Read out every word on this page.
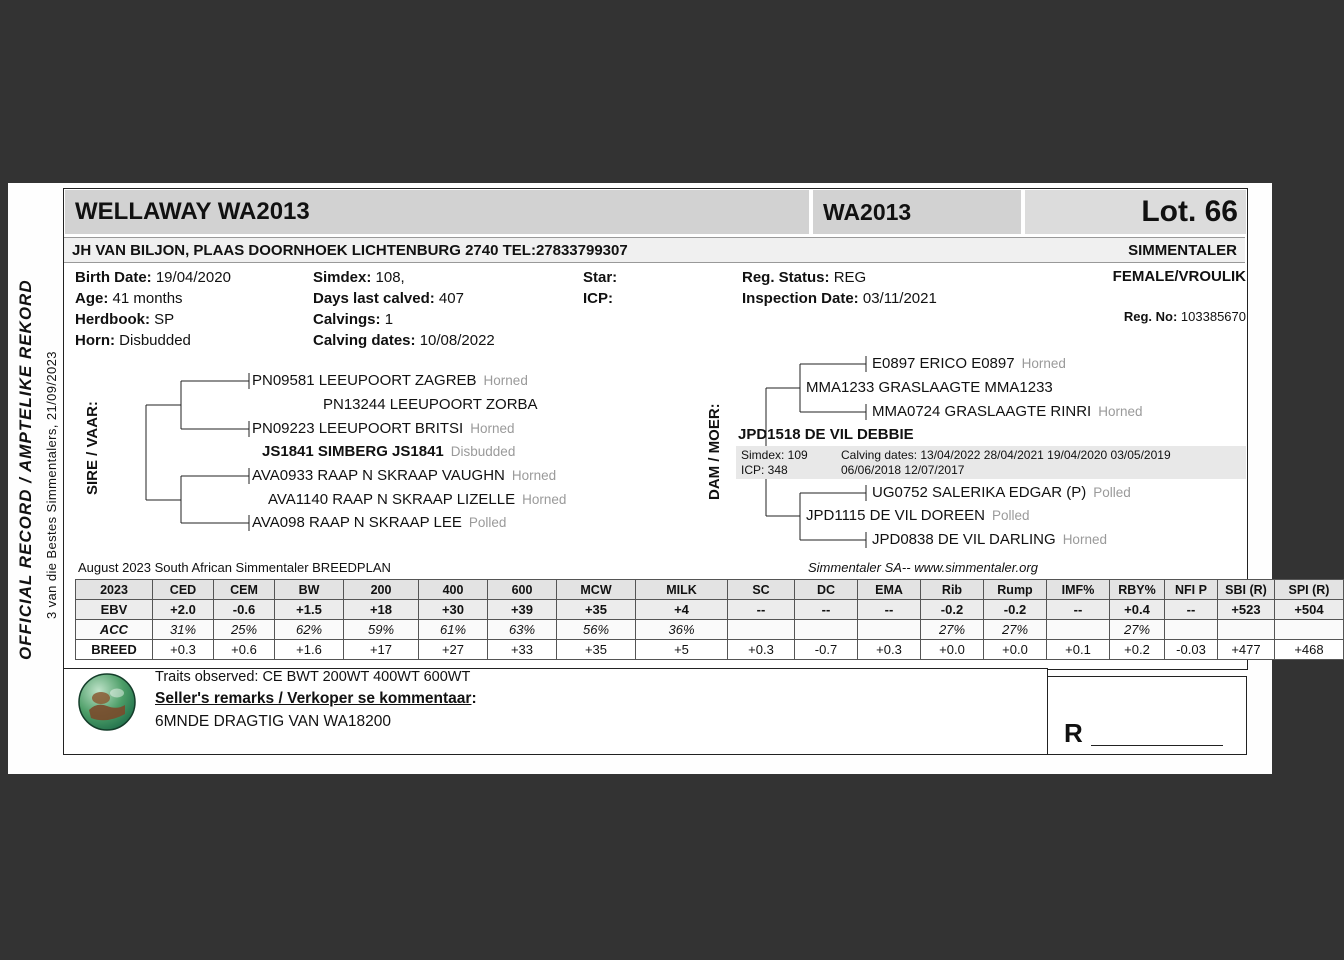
OFFICIAL RECORD / AMPTELIKE REKORD 3 van die Bestes Simmentalers, 21/09/2023
WELLAWAY WA2013	WA2013	Lot. 66
JH VAN BILJON, PLAAS DOORNHOEK LICHTENBURG 2740 TEL:27833799307	SIMMENTALER
Birth Date: 19/04/2020
Age: 41 months
Herdbook: SP
Horn: Disbudded
Simdex: 108,
Days last calved: 407
Calvings: 1
Calving dates: 10/08/2022
Star:
ICP:
Reg. Status: REG
Inspection Date: 03/11/2021
FEMALE/VROULIK
Reg. No: 103385670
SIRE / VAAR:	DAM / MOER:
PN09581 LEEUPOORT ZAGREB Horned
PN13244 LEEUPOORT ZORBA
PN09223 LEEUPOORT BRITSI Horned
JS1841 SIMBERG JS1841 Disbudded
AVA0933 RAAP N SKRAAP VAUGHN Horned
AVA1140 RAAP N SKRAAP LIZELLE Horned
AVA098 RAAP N SKRAAP LEE Polled
E0897 ERICO E0897 Horned
MMA1233 GRASLAAGTE MMA1233
MMA0724 GRASLAAGTE RINRI Horned
JPD1518 DE VIL DEBBIE
Simdex: 109	Calving dates: 13/04/2022 28/04/2021 19/04/2020 03/05/2019
ICP: 348	06/06/2018 12/07/2017
UG0752 SALERIKA EDGAR (P) Polled
JPD1115 DE VIL DOREEN Polled
JPD0838 DE VIL DARLING Horned
August 2023 South African Simmentaler BREEDPLAN	Simmentaler SA-- www.simmentaler.org
2023	CED	CEM	BW	200	400	600	MCW	MILK	SC	DC	EMA	Rib	Rump	IMF%	RBY%	NFI P	SBI (R)	SPI (R)
EBV	+2.0	-0.6	+1.5	+18	+30	+39	+35	+4	--	--	--	-0.2	-0.2	--	+0.4	--	+523	+504
ACC	31%	25%	62%	59%	61%	63%	56%	36%				27%	27%		27%			
BREED	+0.3	+0.6	+1.6	+17	+27	+33	+35	+5	+0.3	-0.7	+0.3	+0.0	+0.0	+0.1	+0.2	-0.03	+477	+468
Traits observed: CE BWT 200WT 400WT 600WT
Seller's remarks / Verkoper se kommentaar:
6MNDE DRAGTIG VAN WA18200	R
